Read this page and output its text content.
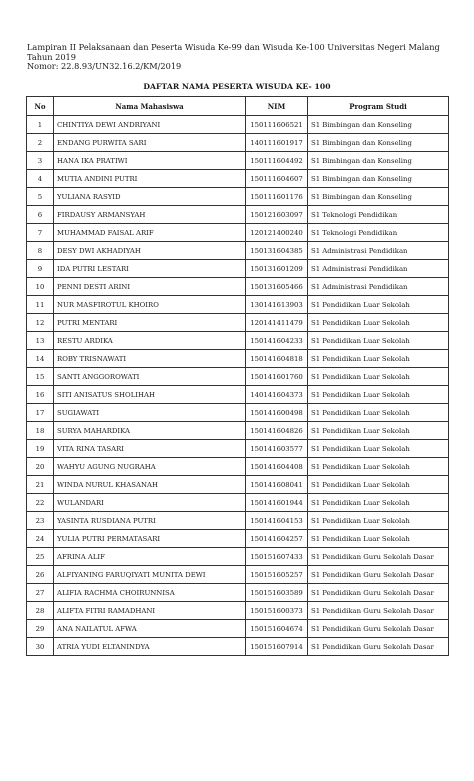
Lampiran II Pelaksanaan dan Peserta Wisuda Ke-99 dan Wisuda Ke-100 Universitas Negeri Malang
Tahun 2019
Nomor: 22.8.93/UN32.16.2/KM/2019
DAFTAR NAMA PESERTA WISUDA KE- 100
No	Nama Mahasiswa	NIM	Program Studi
1	CHINTIYA DEWI ANDRIYANI	150111606521	S1 Bimbingan dan Konseling
2	ENDANG PURWITA SARI	140111601917	S1 Bimbingan dan Konseling
3	HANA IKA PRATIWI	150111604492	S1 Bimbingan dan Konseling
4	MUTIA ANDINI PUTRI	150111604607	S1 Bimbingan dan Konseling
5	YULIANA RASYID	150111601176	S1 Bimbingan dan Konseling
6	FIRDAUSY ARMANSYAH	150121603097	S1 Teknologi Pendidikan
7	MUHAMMAD FAISAL ARIF	120121400240	S1 Teknologi Pendidikan
8	DESY DWI AKHADIYAH	150131604385	S1 Administrasi Pendidikan
9	IDA PUTRI LESTARI	150131601209	S1 Administrasi Pendidikan
10	PENNI DESTI ARINI	150131605466	S1 Administrasi Pendidikan
11	NUR MASFIROTUL KHOIRO	130141613903	S1 Pendidikan Luar Sekolah
12	PUTRI MENTARI	120141411479	S1 Pendidikan Luar Sekolah
13	RESTU ARDIKA	150141604233	S1 Pendidikan Luar Sekolah
14	ROBY TRISNAWATI	150141604818	S1 Pendidikan Luar Sekolah
15	SANTI ANGGOROWATI	150141601760	S1 Pendidikan Luar Sekolah
16	SITI ANISATUS SHOLIHAH	140141604373	S1 Pendidikan Luar Sekolah
17	SUGIAWATI	150141600498	S1 Pendidikan Luar Sekolah
18	SURYA MAHARDIKA	150141604826	S1 Pendidikan Luar Sekolah
19	VITA RINA TASARI	150141603577	S1 Pendidikan Luar Sekolah
20	WAHYU AGUNG NUGRAHA	150141604408	S1 Pendidikan Luar Sekolah
21	WINDA NURUL KHASANAH	150141608041	S1 Pendidikan Luar Sekolah
22	WULANDARI	150141601944	S1 Pendidikan Luar Sekolah
23	YASINTA RUSDIANA PUTRI	150141604153	S1 Pendidikan Luar Sekolah
24	YULIA PUTRI PERMATASARI	150141604257	S1 Pendidikan Luar Sekolah
25	AFRINA ALIF	150151607433	S1 Pendidikan Guru Sekolah Dasar
26	ALFIYANING FARUQIYATI MUNITA DEWI	150151605257	S1 Pendidikan Guru Sekolah Dasar
27	ALIFIA RACHMA CHOIRUNNISA	150151603589	S1 Pendidikan Guru Sekolah Dasar
28	ALIFTA FITRI RAMADHANI	150151600373	S1 Pendidikan Guru Sekolah Dasar
29	ANA NAILATUL AFWA	150151604674	S1 Pendidikan Guru Sekolah Dasar
30	ATRIA YUDI ELTANINDYA	150151607914	S1 Pendidikan Guru Sekolah Dasar
